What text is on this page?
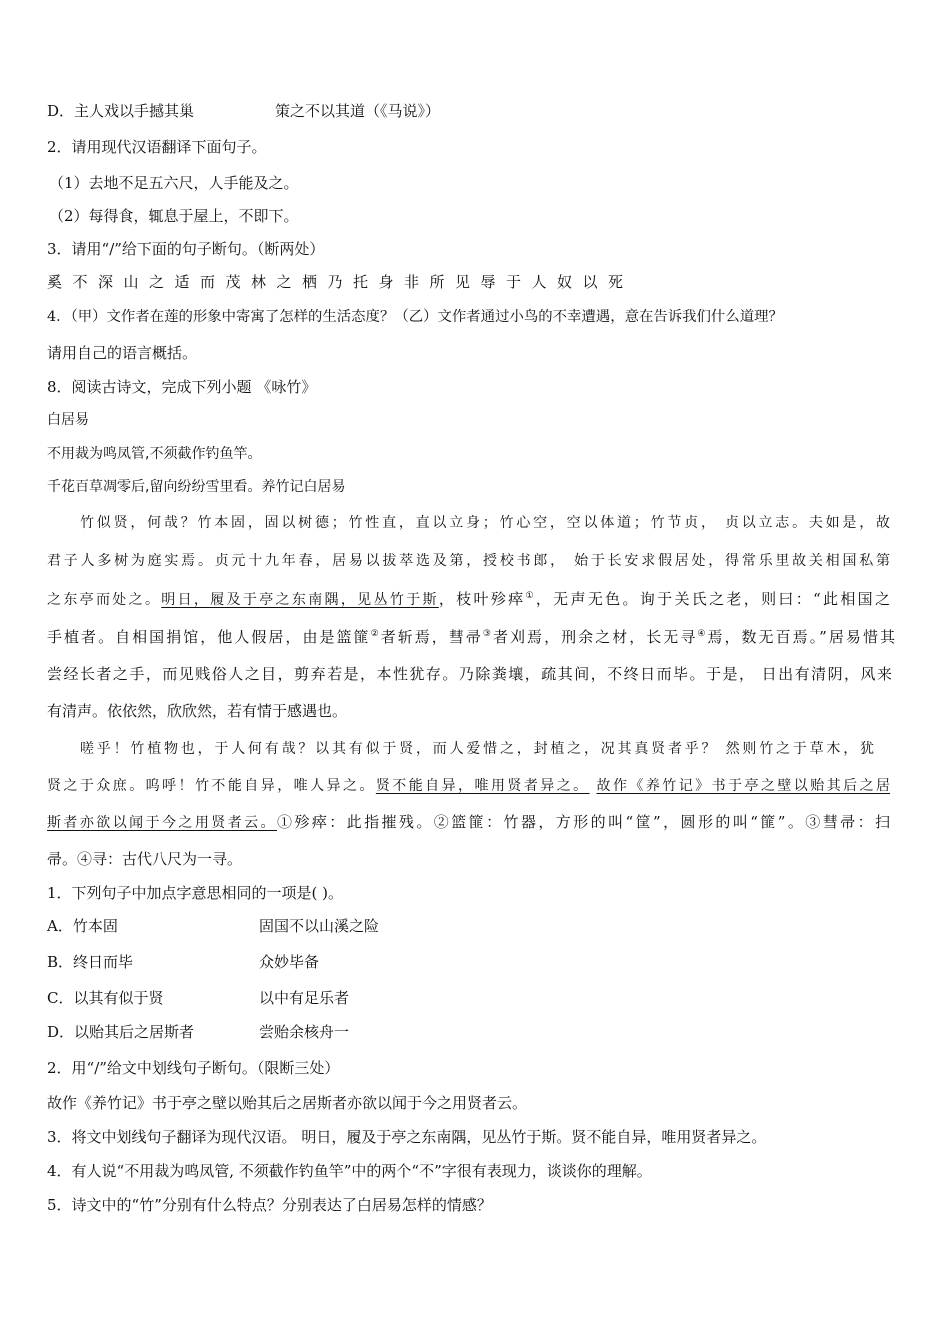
D．主人戏以手撼其巢	策之不以其道（《马说》）
2．请用现代汉语翻译下面句子。
（1）去地不足五六尺，人手能及之。
（2）每得食，辄息于屋上，不即下。
3．请用“/”给下面的句子断句。（断两处）
奚不深山之适而茂林之栖乃托身非所见辱于人奴以死
4．（甲）文作者在莲的形象中寄寓了怎样的生活态度？（乙）文作者通过小鸟的不幸遭遇，意在告诉我们什么道理？
请用自己的语言概括。
8．阅读古诗文，完成下列小题 《咏竹》
白居易
不用裁为鸣凤管,不须截作钓鱼竿。
千花百草凋零后,留向纷纷雪里看。养竹记白居易
竹似贤，何哉？竹本固，固以树德；竹性直，直以立身；竹心空，空以体道；竹节贞， 贞以立志。夫如是，故
君子人多树为庭实焉。贞元十九年春，居易以拔萃选及第，授校书郎， 始于长安求假居处，得常乐里故关相国私第
之东亭而处之。明日，履及于亭之东南隅，见丛竹于斯，枝叶殄瘁①，无声无色。询于关氏之老，则曰：“此相国之
手植者。自相国捐馆，他人假居，由是篮篚②者斩焉，彗帚③者刈焉，刑余之材，长无寻④焉，数无百焉。”居易惜其
尝经长者之手，而见贱俗人之目，剪弃若是，本性犹存。乃除粪壤，疏其间，不终日而毕。于是， 日出有清阴，风来
有清声。依依然，欣欣然，若有情于感遇也。
嗟乎！竹植物也，于人何有哉？以其有似于贤，而人爱惜之，封植之，况其真贤者乎？ 然则竹之于草木，犹
贤之于众庶。呜呼！竹不能自异，唯人异之。贤不能自异，唯用贤者异之。 故作《养竹记》书于亭之壁以贻其后之居
斯者亦欲以闻于今之用贤者云。①殄瘁：此指摧残。②篮篚：竹器，方形的叫“筐”，圆形的叫“篚”。③彗帚：扫
帚。④寻：古代八尺为一寻。
1．下列句子中加点字意思相同的一项是( )。
A．竹本固	固国不以山溪之险
B．终日而毕	众妙毕备
C．以其有似于贤	以中有足乐者
D．以贻其后之居斯者	尝贻余核舟一
2．用“/”给文中划线句子断句。（限断三处）
故作《养竹记》书于亭之壁以贻其后之居斯者亦欲以闻于今之用贤者云。
3．将文中划线句子翻译为现代汉语。 明日，履及于亭之东南隅，见丛竹于斯。贤不能自异，唯用贤者异之。
4．有人说“不用裁为鸣凤管, 不须截作钓鱼竿”中的两个“不”字很有表现力，谈谈你的理解。
5．诗文中的“竹”分别有什么特点？分别表达了白居易怎样的情感？
